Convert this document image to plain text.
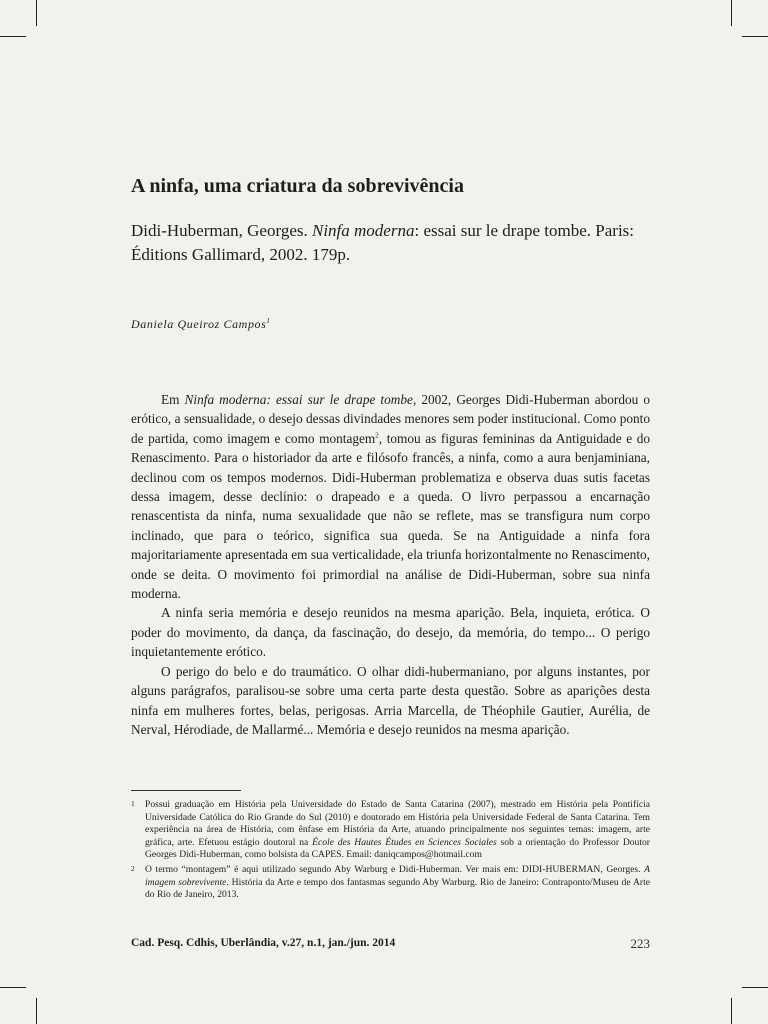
A ninfa, uma criatura da sobrevivência

Didi-Huberman, Georges. Ninfa moderna: essai sur le drape tombe. Paris: Éditions Gallimard, 2002. 179p.

Daniela Queiroz Campos$^1$

Em Ninfa moderna: essai sur le drape tombe, 2002, Georges Didi-Huberman abordou o erótico, a sensualidade, o desejo dessas divindades menores sem poder institucional. Como ponto de partida, como imagem e como montagem$^2$, tomou as figuras femininas da Antiguidade e do Renascimento. Para o historiador da arte e filósofo francês, a ninfa, como a aura benjaminiana, declinou com os tempos modernos. Didi-Huberman problematiza e observa duas sutis facetas dessa imagem, desse declínio: o drapeado e a queda. O livro perpassou a encarnação renascentista da ninfa, numa sexualidade que não se reflete, mas se transfigura num corpo inclinado, que para o teórico, significa sua queda. Se na Antiguidade a ninfa fora majoritariamente apresentada em sua verticalidade, ela triunfa horizontalmente no Renascimento, onde se deita. O movimento foi primordial na análise de Didi-Huberman, sobre sua ninfa moderna.

A ninfa seria memória e desejo reunidos na mesma aparição. Bela, inquieta, erótica. O poder do movimento, da dança, da fascinação, do desejo, da memória, do tempo... O perigo inquietantemente erótico.

O perigo do belo e do traumático. O olhar didi-hubermaniano, por alguns instantes, por alguns parágrafos, paralisou-se sobre uma certa parte desta questão. Sobre as aparições desta ninfa em mulheres fortes, belas, perigosas. Arria Marcella, de Théophile Gautier, Aurélia, de Nerval, Hérodiade, de Mallarmé... Memória e desejo reunidos na mesma aparição.

1 Possui graduação em História pela Universidade do Estado de Santa Catarina (2007), mestrado em História pela Pontifícia Universidade Católica do Rio Grande do Sul (2010) e doutorado em História pela Universidade Federal de Santa Catarina. Tem experiência na área de História, com ênfase em História da Arte, atuando principalmente nos seguintes temas: imagem, arte gráfica, arte. Efetuou estágio doutoral na École des Hautes Études en Sciences Sociales sob a orientação do Professor Doutor Georges Didi-Huberman, como bolsista da CAPES. Email: daniqcampos@hotmail.com
2 O termo “montagem” é aqui utilizado segundo Aby Warburg e Didi-Huberman. Ver mais em: DIDI-HUBERMAN, Georges. A imagem sobrevivente. História da Arte e tempo dos fantasmas segundo Aby Warburg. Rio de Janeiro: Contraponto/Museu de Arte do Rio de Janeiro, 2013.
Cad. Pesq. Cdhis, Uberlândia, v.27, n.1, jan./jun. 2014	223
